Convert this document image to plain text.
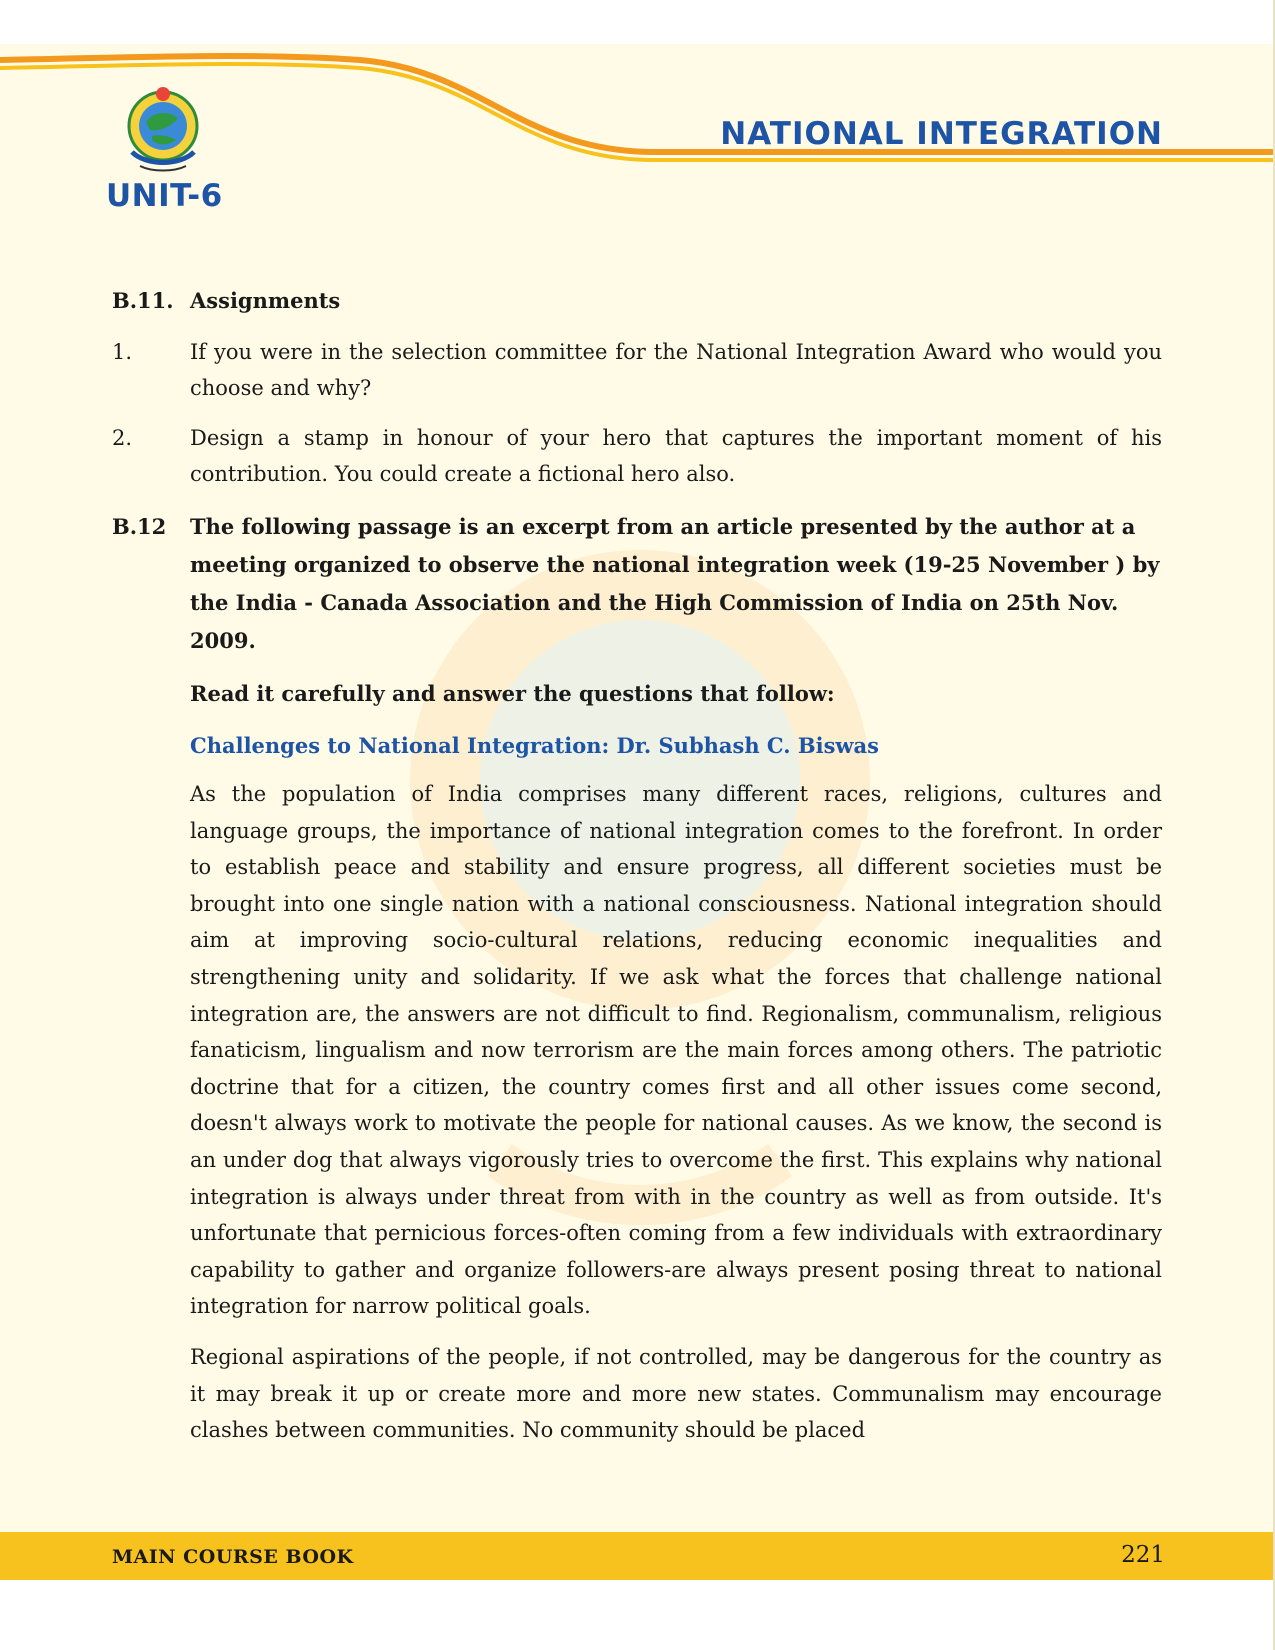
UNIT-6
NATIONAL INTEGRATION
B.11. Assignments
1.	If you were in the selection committee for the National Integration Award who would you choose and why?
2.	Design a stamp in honour of your hero that captures the important moment of his contribution. You could create a fictional hero also.
B.12	The following passage is an excerpt from an article presented by the author at a meeting organized to observe the national integration week (19-25 November ) by the India - Canada Association and the High Commission of India on 25th Nov. 2009.
Read it carefully and answer the questions that follow:
Challenges to National Integration: Dr. Subhash C. Biswas

As the population of India comprises many different races, religions, cultures and language groups, the importance of national integration comes to the forefront. In order to establish peace and stability and ensure progress, all different societies must be brought into one single nation with a national consciousness. National integration should aim at improving socio-cultural relations, reducing economic inequalities and strengthening unity and solidarity. If we ask what the forces that challenge national integration are, the answers are not difficult to find. Regionalism, communalism, religious fanaticism, lingualism and now terrorism are the main forces among others. The patriotic doctrine that for a citizen, the country comes first and all other issues come second, doesn't always work to motivate the people for national causes. As we know, the second is an under dog that always vigorously tries to overcome the first. This explains why national integration is always under threat from with in the country as well as from outside. It's unfortunate that pernicious forces-often coming from a few individuals with extraordinary capability to gather and organize followers-are always present posing threat to national integration for narrow political goals.

Regional aspirations of the people, if not controlled, may be dangerous for the country as it may break it up or create more and more new states. Communalism may encourage clashes between communities. No community should be placed

MAIN COURSE BOOK	221
